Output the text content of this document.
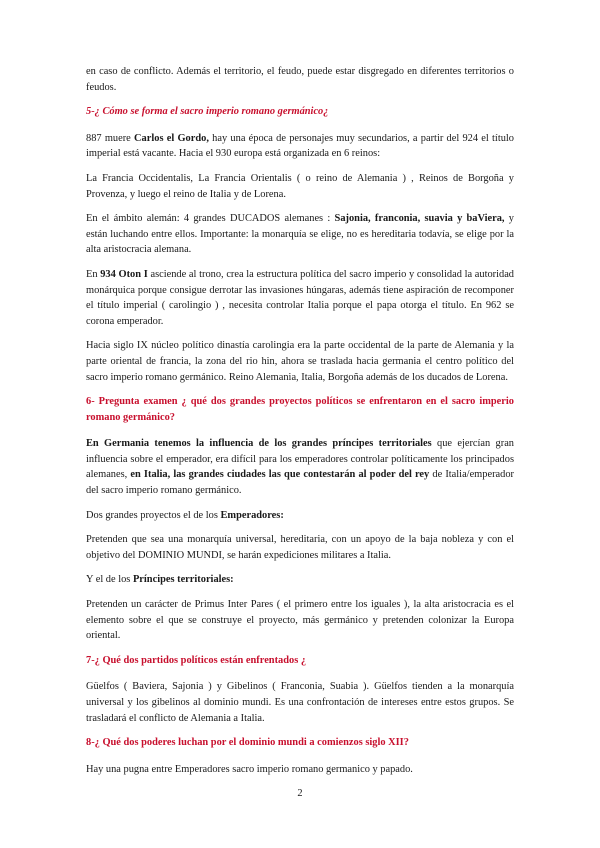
en caso de conflicto. Además el territorio, el feudo, puede estar disgregado en diferentes territorios o feudos.

5-¿ Cómo se forma el sacro imperio romano germánico¿

887 muere Carlos el Gordo, hay una época de personajes muy secundarios, a partir del 924 el título imperial está vacante. Hacia el 930 europa está organizada en 6 reinos:

La Francia Occidentalis, La Francia Orientalis ( o reino de Alemania ) , Reinos de Borgoña y Provenza, y luego el reino de Italia y de Lorena.

En el ámbito alemán: 4 grandes DUCADOS alemanes : Sajonia, franconia, suavia y baViera, y están luchando entre ellos. Importante: la monarquía se elige, no es hereditaria todavía, se elige por la alta aristocracia alemana.

En 934 Oton I asciende al trono, crea la estructura política del sacro imperio y consolidad la autoridad monárquica porque consigue derrotar las invasiones húngaras, además tiene aspiración de recomponer el título imperial ( carolingio ) , necesita controlar Italia porque el papa otorga el título. En 962 se corona emperador.

Hacia siglo IX núcleo político dinastía carolingia era la parte occidental de la parte de Alemania y la parte oriental de francia, la zona del rio hin, ahora se traslada hacia germania el centro político del sacro imperio romano germánico. Reino Alemania, Italia, Borgoña además de los ducados de Lorena.

6- Pregunta examen ¿ qué dos grandes proyectos políticos se enfrentaron en el sacro imperio romano germánico?

En Germania tenemos la influencia de los grandes príncipes territoriales que ejercían gran influencia sobre el emperador, era difícil para los emperadores controlar políticamente los principados alemanes, en Italia, las grandes ciudades las que contestarán al poder del rey de Italia/emperador del sacro imperio romano germánico.

Dos grandes proyectos el de los Emperadores:

Pretenden que sea una monarquía universal, hereditaria, con un apoyo de la baja nobleza y con el objetivo del DOMINIO MUNDI, se harán expediciones militares a Italia.

Y el de los Príncipes territoriales:

Pretenden un carácter de Primus Inter Pares ( el primero entre los iguales ), la alta aristocracia es el elemento sobre el que se construye el proyecto, más germánico y pretenden colonizar la Europa oriental.

7-¿ Qué dos partidos políticos están enfrentados ¿

Güelfos ( Baviera, Sajonia ) y Gibelinos ( Franconia, Suabia ). Güelfos tienden a la monarquía universal y los gibelinos al dominio mundi. Es una confrontación de intereses entre estos grupos. Se trasladará el conflicto de Alemania a Italia.

8-¿ Qué dos poderes luchan por el dominio mundi a comienzos siglo XII?

Hay una pugna entre Emperadores sacro imperio romano germanico y papado.

2
